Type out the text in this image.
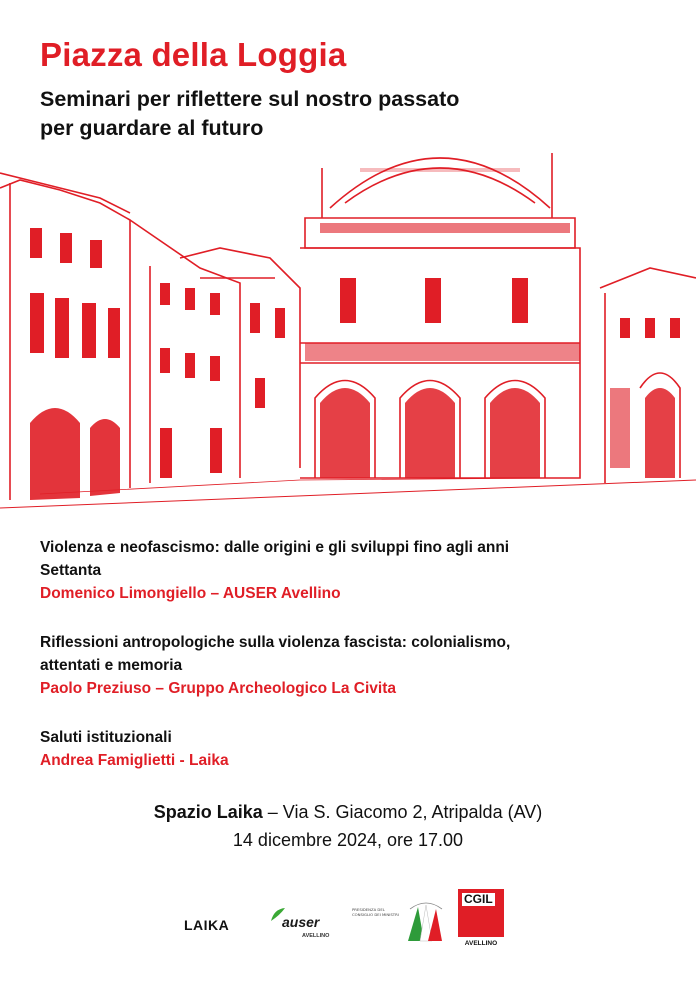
Piazza della Loggia
Seminari per riflettere sul nostro passato
per guardare al futuro
Violenza e neofascismo: dalle origini e gli sviluppi fino agli anni
Settanta
Domenico Limongiello – AUSER Avellino
Riflessioni antropologiche sulla violenza fascista: colonialismo,
attentati e memoria
Paolo Preziuso – Gruppo Archeologico La Civita
Saluti istituzionali
Andrea Famiglietti - Laika
Spazio Laika – Via S. Giacomo 2, Atripalda (AV)
14 dicembre 2024, ore 17.00
LAIKA	auser
AVELLINO
PRESIDENZA DEL CONSIGLIO DEI MINISTRI
CGIL
AVELLINO
